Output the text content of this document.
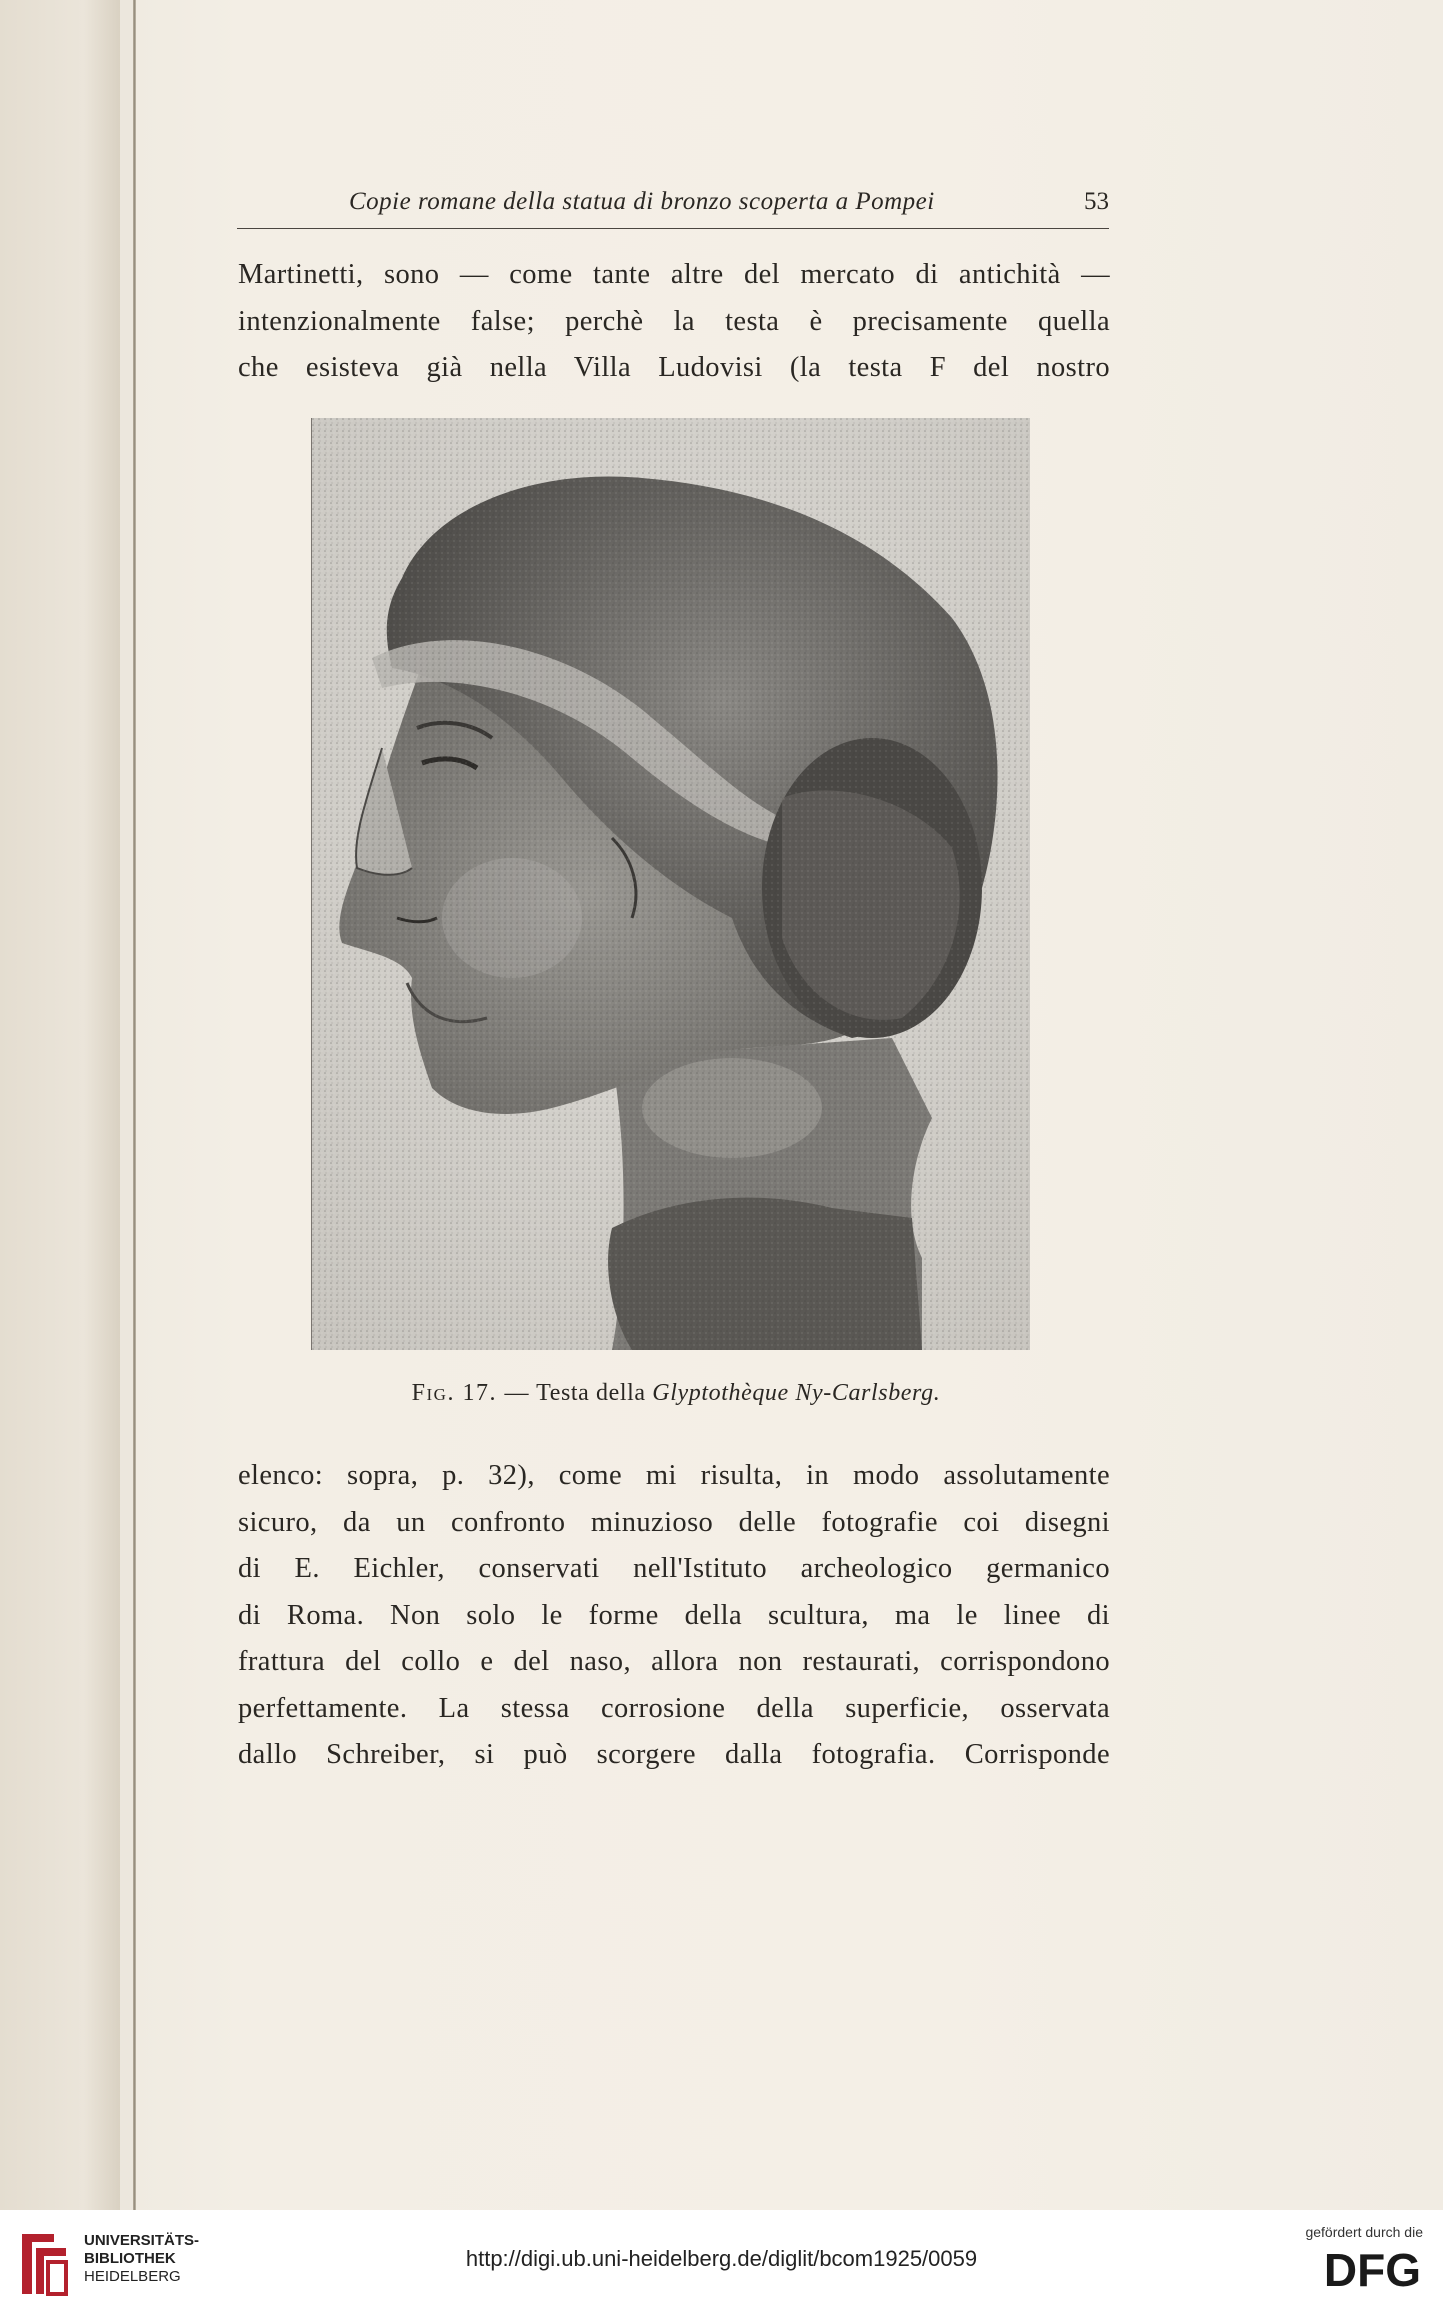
Copie romane della statua di bronzo scoperta a Pompei	53
Martinetti, sono — come tante altre del mercato di antichità —
intenzionalmente false; perchè la testa è precisamente quella
che esisteva già nella Villa Ludovisi (la testa F del nostro
Fig. 17. — Testa della Glyptothèque Ny-Carlsberg.
elenco: sopra, p. 32), come mi risulta, in modo assolutamente
sicuro, da un confronto minuzioso delle fotografie coi disegni
di E. Eichler, conservati nell'Istituto archeologico germanico
di Roma. Non solo le forme della scultura, ma le linee di
frattura del collo e del naso, allora non restaurati, corrispondono
perfettamente. La stessa corrosione della superficie, osservata
dallo Schreiber, si può scorgere dalla fotografia. Corrisponde
UNIVERSITÄTS-
BIBLIOTHEK
HEIDELBERG
http://digi.ub.uni-heidelberg.de/diglit/bcom1925/0059
gefördert durch die
DFG
